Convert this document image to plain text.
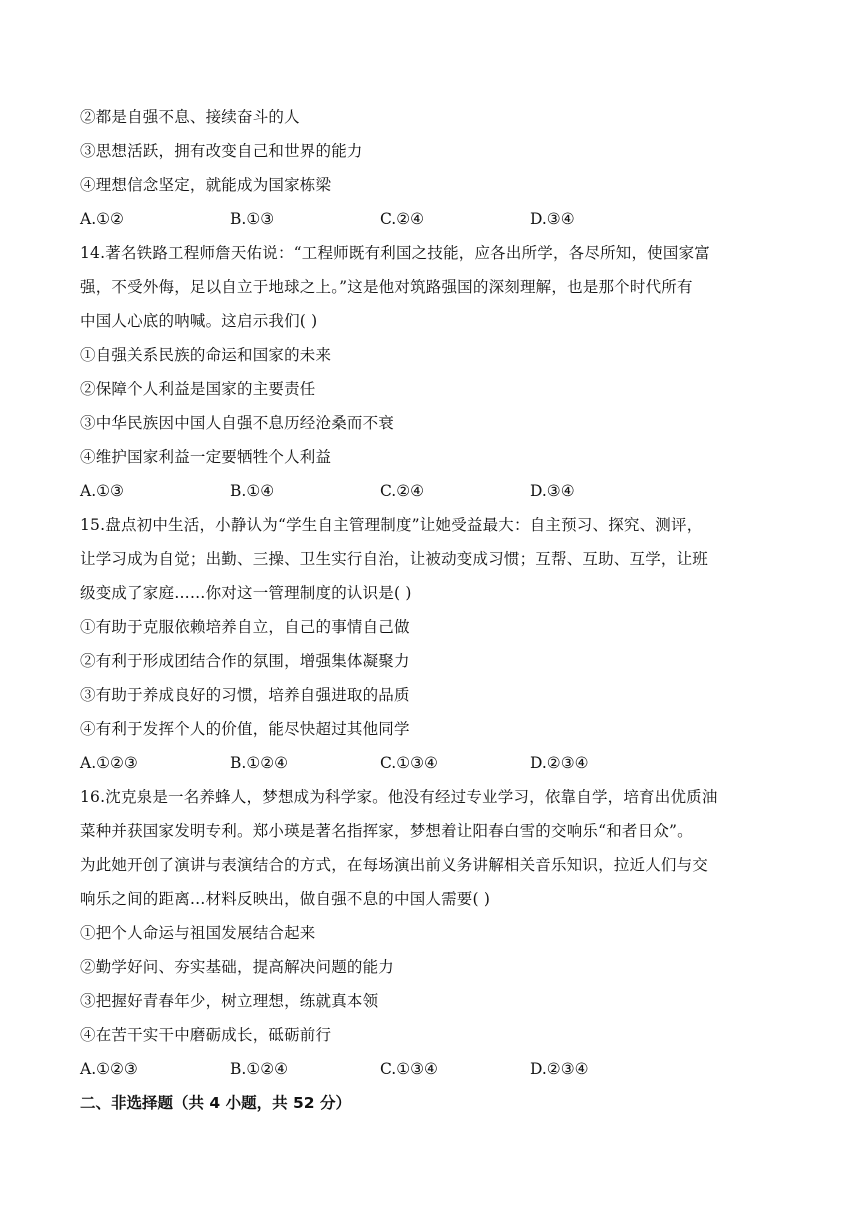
②都是自强不息、接续奋斗的人
③思想活跃，拥有改变自己和世界的能力
④理想信念坚定，就能成为国家栋梁
A.①②	B.①③	C.②④	D.③④
14.著名铁路工程师詹天佑说：“工程师既有利国之技能，应各出所学，各尽所知，使国家富
强，不受外侮，足以自立于地球之上。”这是他对筑路强国的深刻理解，也是那个时代所有
中国人心底的呐喊。这启示我们( )
①自强关系民族的命运和国家的未来
②保障个人利益是国家的主要责任
③中华民族因中国人自强不息历经沧桑而不衰
④维护国家利益一定要牺牲个人利益
A.①③	B.①④	C.②④	D.③④
15.盘点初中生活，小静认为“学生自主管理制度”让她受益最大：自主预习、探究、测评，
让学习成为自觉；出勤、三操、卫生实行自治，让被动变成习惯；互帮、互助、互学，让班
级变成了家庭……你对这一管理制度的认识是( )
①有助于克服依赖培养自立，自己的事情自己做
②有利于形成团结合作的氛围，增强集体凝聚力
③有助于养成良好的习惯，培养自强进取的品质
④有利于发挥个人的价值，能尽快超过其他同学
A.①②③	B.①②④	C.①③④	D.②③④
16.沈克泉是一名养蜂人，梦想成为科学家。他没有经过专业学习，依靠自学，培育出优质油
菜种并获国家发明专利。郑小瑛是著名指挥家，梦想着让阳春白雪的交响乐“和者日众”。
为此她开创了演讲与表演结合的方式，在每场演出前义务讲解相关音乐知识，拉近人们与交
响乐之间的距离…材料反映出，做自强不息的中国人需要( )
①把个人命运与祖国发展结合起来
②勤学好问、夯实基础，提高解决问题的能力
③把握好青春年少，树立理想，练就真本领
④在苦干实干中磨砺成长，砥砺前行
A.①②③	B.①②④	C.①③④	D.②③④
二、非选择题（共 4 小题，共 52 分）
